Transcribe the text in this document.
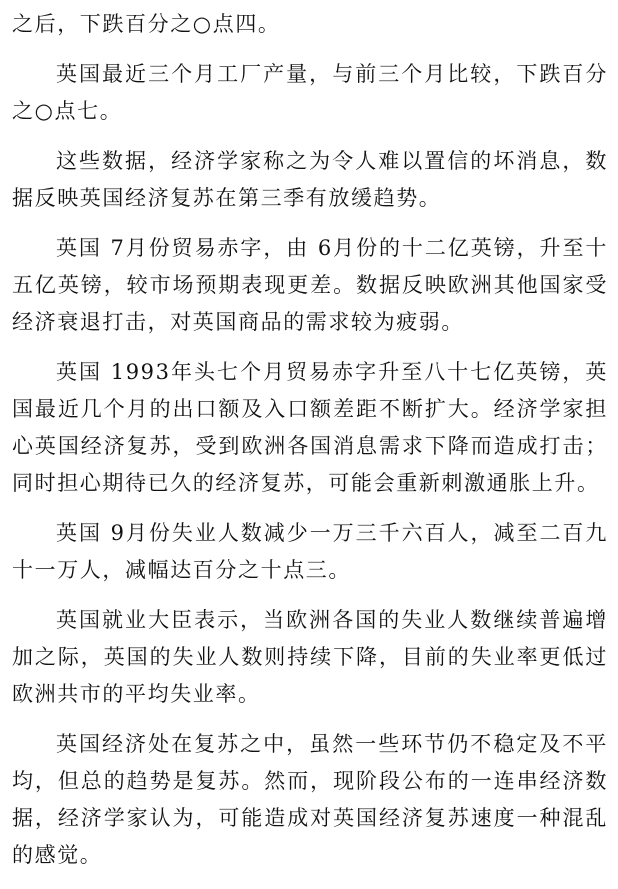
之后，下跌百分之○点四。

英国最近三个月工厂产量，与前三个月比较，下跌百分之○点七。

这些数据，经济学家称之为令人难以置信的坏消息，数据反映英国经济复苏在第三季有放缓趋势。

英国 7月份贸易赤字，由 6月份的十二亿英镑，升至十五亿英镑，较市场预期表现更差。数据反映欧洲其他国家受经济衰退打击，对英国商品的需求较为疲弱。

英国 1993年头七个月贸易赤字升至八十七亿英镑，英国最近几个月的出口额及入口额差距不断扩大。经济学家担心英国经济复苏，受到欧洲各国消息需求下降而造成打击；同时担心期待已久的经济复苏，可能会重新刺激通胀上升。

英国 9月份失业人数减少一万三千六百人，减至二百九十一万人，减幅达百分之十点三。

英国就业大臣表示，当欧洲各国的失业人数继续普遍增加之际，英国的失业人数则持续下降，目前的失业率更低过欧洲共市的平均失业率。

英国经济处在复苏之中，虽然一些环节仍不稳定及不平均，但总的趋势是复苏。然而，现阶段公布的一连串经济数据，经济学家认为，可能造成对英国经济复苏速度一种混乱的感觉。
